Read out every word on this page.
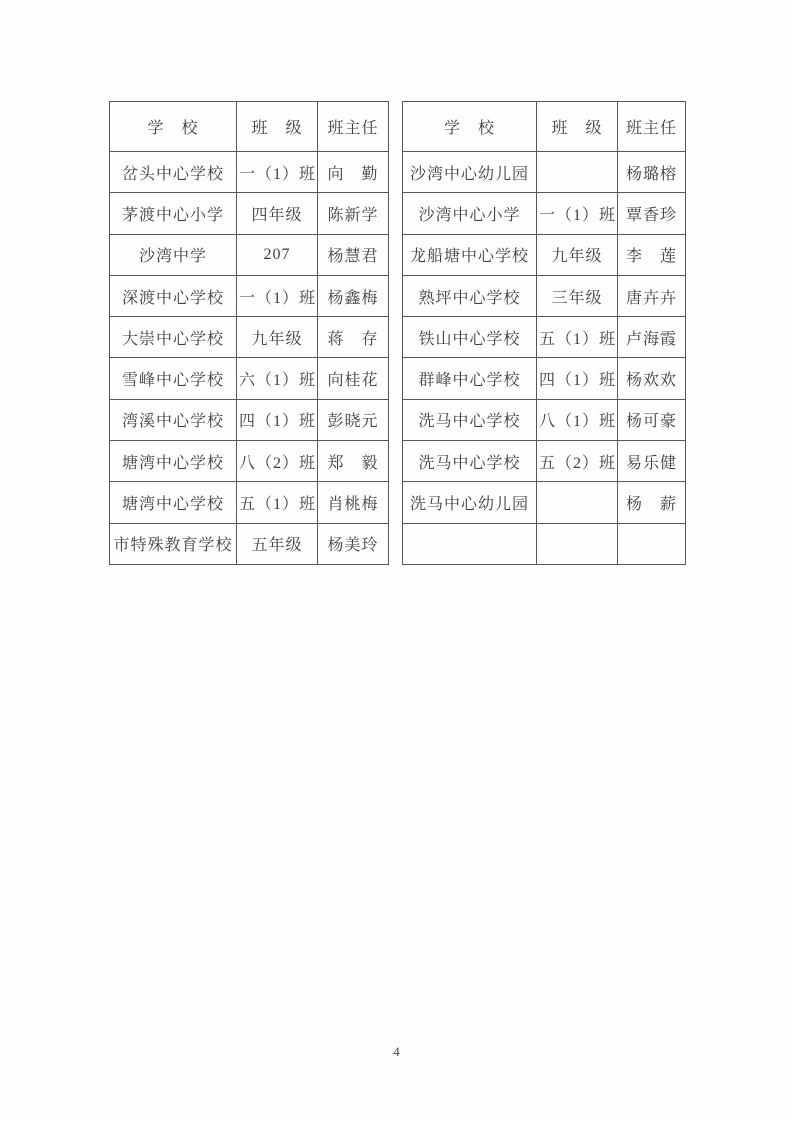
学　校	班　级	班主任
岔头中心学校	一（1）班	向　勤
茅渡中心小学	四年级	陈新学
沙湾中学	207	杨慧君
深渡中心学校	一（1）班	杨鑫梅
大崇中心学校	九年级	蒋　存
雪峰中心学校	六（1）班	向桂花
湾溪中心学校	四（1）班	彭晓元
塘湾中心学校	八（2）班	郑　毅
塘湾中心学校	五（1）班	肖桃梅
市特殊教育学校	五年级	杨美玲
学　校	班　级	班主任
沙湾中心幼儿园		杨璐榕
沙湾中心小学	一（1）班	覃香珍
龙船塘中心学校	九年级	李　莲
熟坪中心学校	三年级	唐卉卉
铁山中心学校	五（1）班	卢海霞
群峰中心学校	四（1）班	杨欢欢
洗马中心学校	八（1）班	杨可豪
洗马中心学校	五（2）班	易乐健
洗马中心幼儿园		杨　薪

4
